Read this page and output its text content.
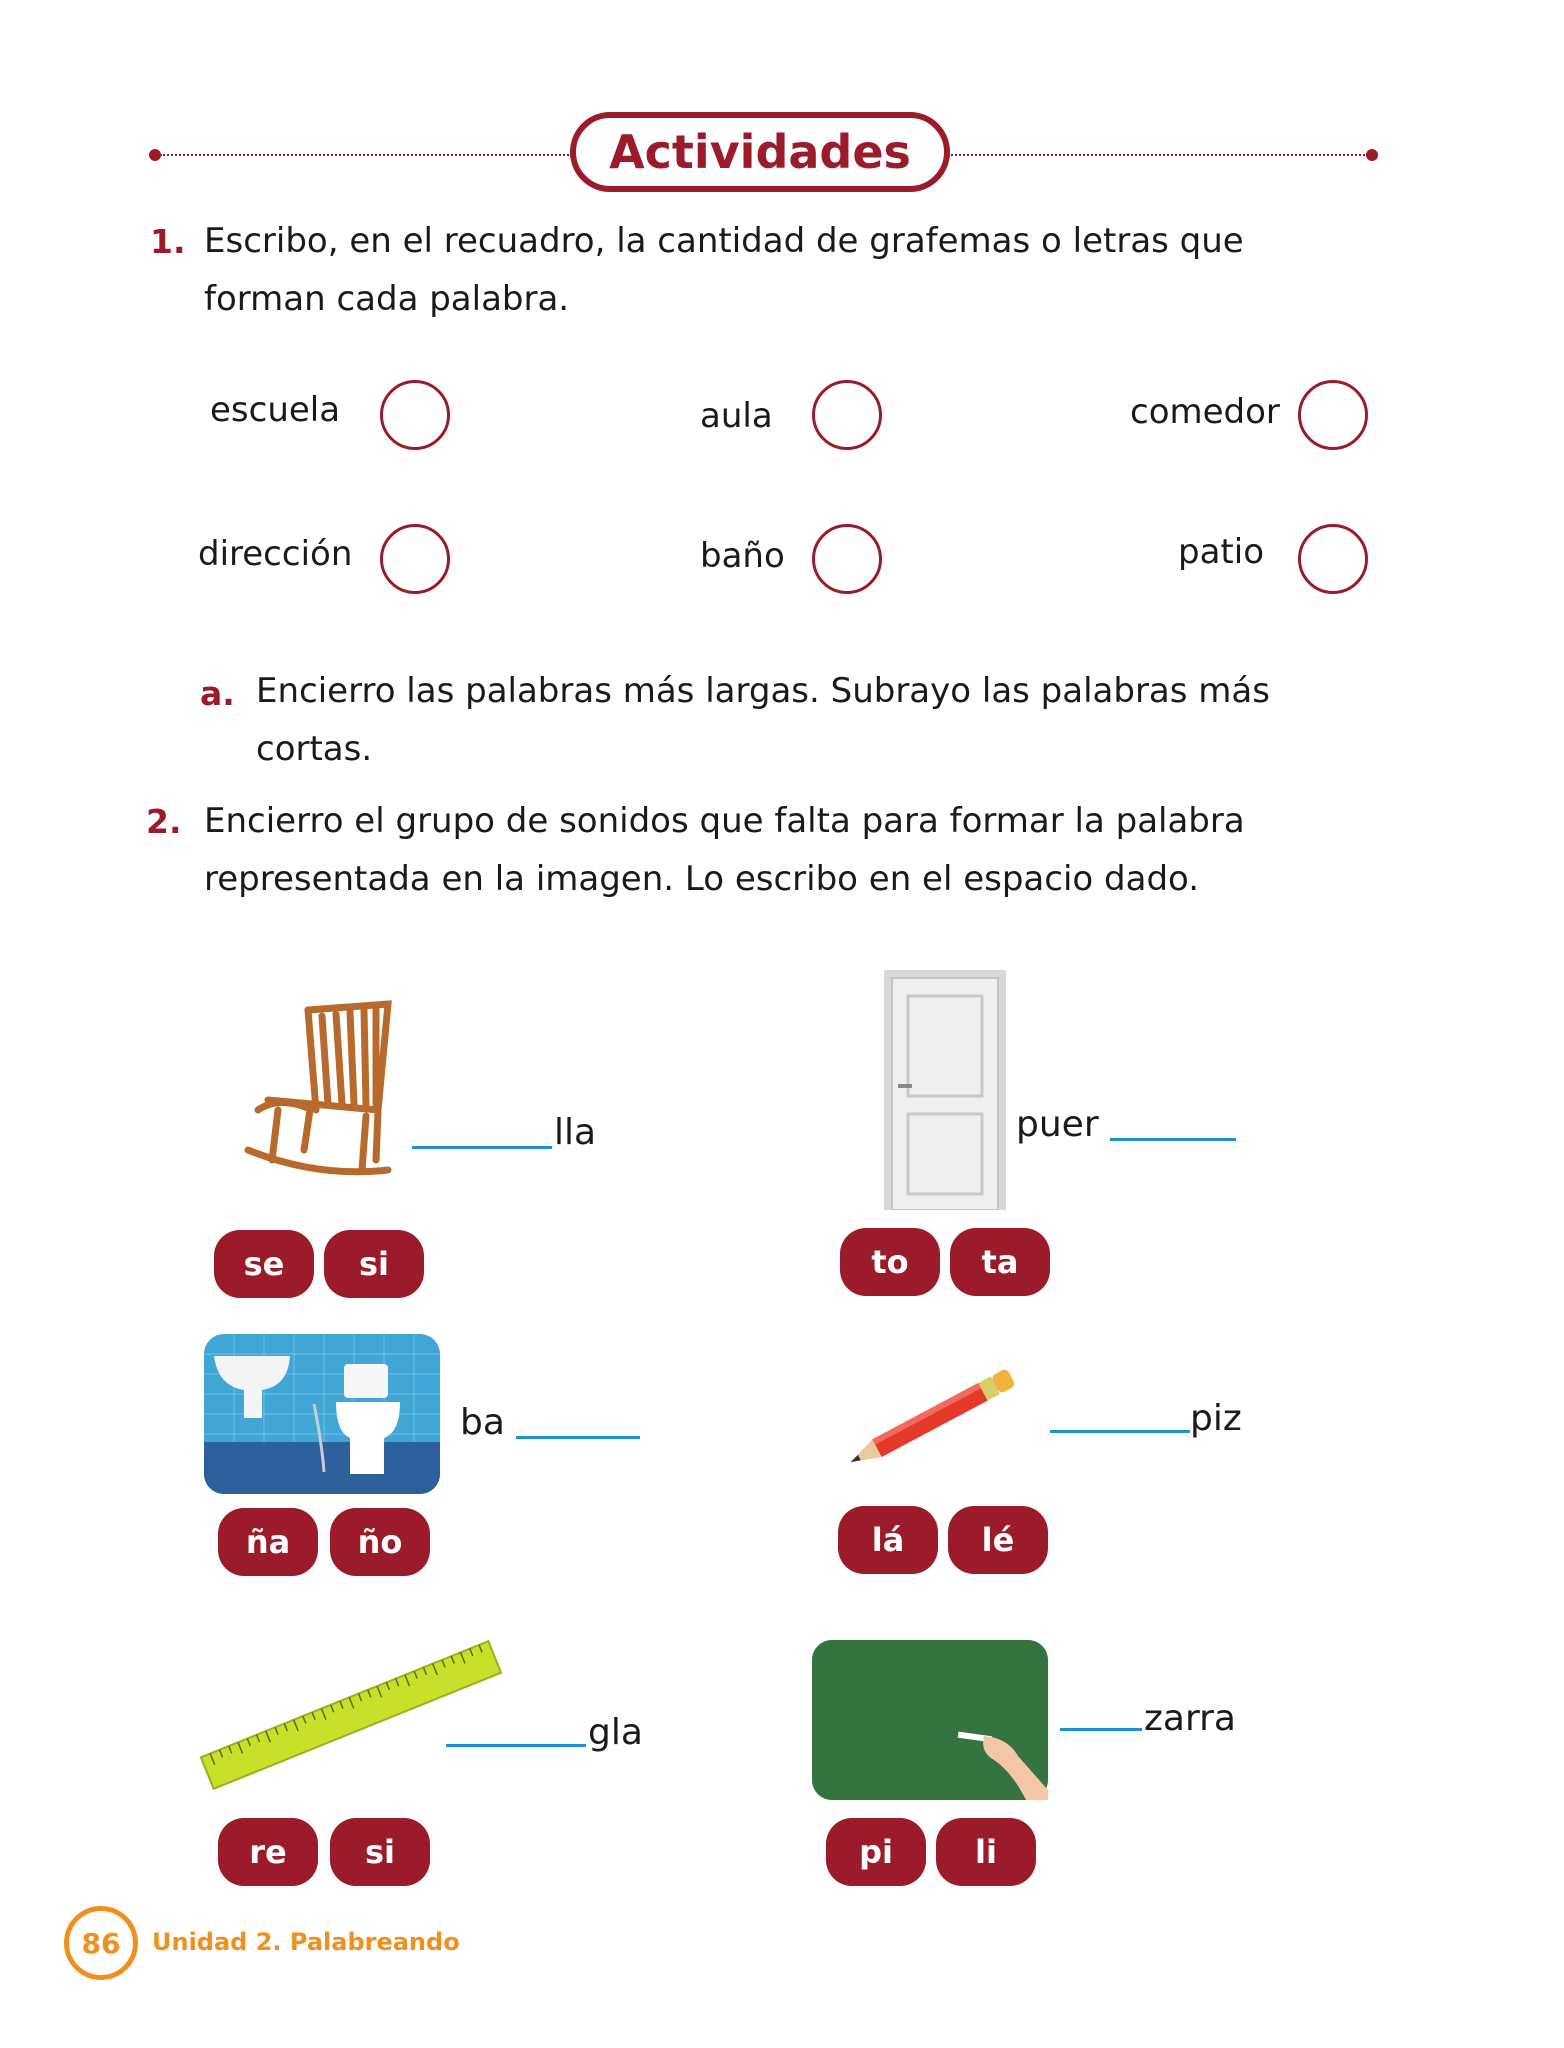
Actividades
1. Escribo, en el recuadro, la cantidad de grafemas o letras que
forman cada palabra.
escuela	aula	comedor
dirección	baño	patio
a. Encierro las palabras más largas. Subrayo las palabras más
cortas.
2. Encierro el grupo de sonidos que falta para formar la palabra
representada en la imagen. Lo escribo en el espacio dado.
lla
se	si
puer
to	ta
ba
ña	ño
piz
lá	lé
gla
re	si
zarra
pi	li
86 Unidad 2. Palabreando
